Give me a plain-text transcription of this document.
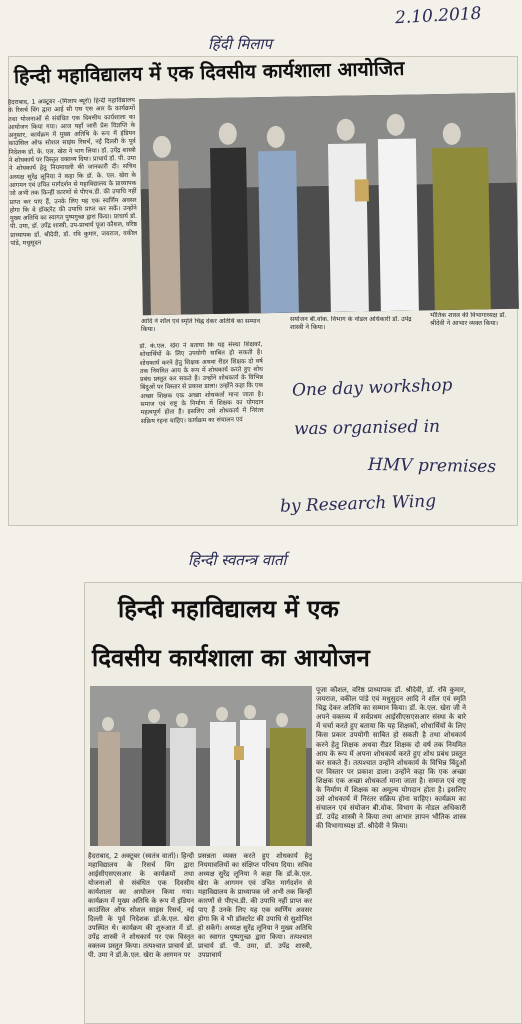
हिंदी मिलाप
2.10.2018
हिन्दी महाविद्यालय में एक दिवसीय कार्यशाला आयोजित
हैदराबाद, 1 अक्टूबर -(मिलाप ब्यूरो) हिन्दी महाविद्यालय के रिसर्च विंग द्वारा आई सी एस एस आर के कार्यक्रमों तथा योजनाओं से संबंधित एक दिवसीय कार्यशाला का आयोजन किया गया। आज यहाँ जारी प्रेस विज्ञप्ति के अनुसार, कार्यक्रम में मुख्य अतिथि के रूप में इंडियन काउंसिल ऑफ सोशल साइंस रिसर्च, नई दिल्ली के पूर्व निदेशक डॉ. के. एल. खेरा ने भाग लिया। डॉ. उपेंद्र शास्त्री ने शोधकार्य पर विस्तृत वक्तव्य दिया। प्राचार्य डॉ. पी. उमा ने शोधकार्य हेतु नियमावली की जानकारी दी। सचिव अध्यक्ष सुरेंद्र लूनिया ने कहा कि डॉ. के. एल. खेरा के आगमन एवं उचित मार्गदर्शन से महाविद्यालय के प्राध्यापक जो अभी तक किन्हीं कारणों से पीएच.डी. की उपाधि नहीं प्राप्त कर पाए हैं, उनके लिए यह एक स्वर्णिम अवसर होगा कि वे डॉक्टरेट की उपाधि प्राप्त कर सकें। उन्होंने मुख्य अतिथि का स्वागत पुष्पगुच्छ द्वारा किया। प्राचार्य डॉ. पी. उमा, डॉ. उपेंद्र शास्त्री, उप-प्राचार्य पूजा कौशल, वरिष्ठ प्राध्यापक डॉ. श्रीदेवी, डॉ. रवि कुमार, जयराज, वकील पांडे, मधुसूदन
आदि ने शॉल एवं स्मृति चिह्न देकर अतिथि का सम्मान किया।
सयोजन बी.वोक. विभाग के नोडल अधिकारी डॉ. उपेंद्र शास्त्री ने किया।
भौतिक शास्त्र की विभागाध्यक्ष डॉ. श्रीदेवी ने आभार व्यक्त किया।
डॉ. के.एल. खेरा ने बताया कि यह संस्था शिक्षकों, शोधार्थियों के लिए उपयोगी साबित हो सकती है। शोधकार्य करने हेतु शिक्षक अथवा रीडर शिक्षक दो वर्ष तक नियमित आय के रूप में शोधकार्य करते हुए शोध प्रबंध प्रस्तुत कर सकते हैं। उन्होंने शोधकार्य के विभिन्न बिंदुओं पर विस्तार से प्रकाश डाला। उन्होंने कहा कि एक अच्छा शिक्षक एक अच्छा शोधकर्ता माना जाता है। समाज एवं राष्ट्र के निर्माण में शिक्षक का योगदान महत्वपूर्ण होता है। इसलिए उसे शोधकार्य में निरंतर सक्रिय रहना चाहिए। कार्यक्रम का संचालन एवं
One day workshop
was organised in
HMV premises
by Research Wing
हिन्दी स्वतन्त्र वार्ता
हिन्दी महाविद्यालय में एक
दिवसीय कार्यशाला का आयोजन
पूजा कौशल, वरिष्ठ प्राध्यापक डॉ. श्रीदेवी, डॉ. रवि कुमार, जयराज, वकील पांडे एवं मधुसुदन आदि ने शॉल एवं स्मृति चिह्न देकर अतिथि का सम्मान किया। डॉ. के.एल. खेरा जी ने अपने वक्तव्य में सर्वप्रथम आईसीएसएसआर संस्था के बारे में चर्चा करते हुए बताया कि यह शिक्षकों, शोधार्थियों के लिए किस प्रकार उपयोगी साबित हो सकती है तथा शोधकार्य करने हेतु शिक्षक अथवा रीडर शिक्षक दो वर्ष तक नियमित आय के रूप में अपना शोधकार्य करते हुए शोध प्रबंध प्रस्तुत कर सकते हैं। तत्पश्चात उन्होंने शोधकार्य के विभिन्न बिंदुओं पर विस्तार पर प्रकाश डाला। उन्होंने कहा कि एक अच्छा शिक्षक एक अच्छा शोधकर्ता माना जाता है। समाज एवं राष्ट्र के निर्माण में शिक्षक का अमूल्य योगदान होता है। इसलिए उसे शोधकार्य में निरंतर सक्रिय होना चाहिए। कार्यक्रम का संचालन एवं संयोजन बी.वोक. विभाग के नोडल अधिकारी डॉ. उपेंद्र शास्त्री ने किया तथा आभार ज्ञापन भौतिक शास्त्र की विभागाध्यक्ष डॉ. श्रीदेवी ने किया।
हैदराबाद, 2 अक्टूबर (स्वतंत्र वार्ता)। हिन्दी महाविद्यालय के रिसर्च विंग द्वारा आईसीएसएसआर के कार्यक्रमों तथा योजनाओं से संबंधित एक दिवसीय कार्यशाला का आयोजन किया गया। कार्यक्रम में मुख्य अतिथि के रूप में इंडियन काउंसिल ऑफ सोशल साइंस रिसर्च, नई दिल्ली के पूर्व निदेशक डॉ.के.एल. खेरा उपस्थित थे। कार्यक्रम की शुरुआत में डॉ. उपेंद्र शास्त्री ने शोधकार्य पर एक विस्तृत वक्तव्य प्रस्तुत किया। तत्पश्चात प्राचार्य डॉ. पी. उमा ने डॉ.के.एल. खेरा के आगमन पर
प्रसन्नता व्यक्त करते हुए शोधकार्य हेतु नियमावलियों का संक्षिप्त परिचय दिया। सचिव अध्यक्ष सुरेंद्र लूनिया ने कहा कि डॉ.के.एल. खेरा के आगमन एवं उचित मार्गदर्शन से महाविद्यालय के प्राध्यापक जो अभी तक किन्हीं कारणों से पीएच.डी. की उपाधि नहीं प्राप्त कर पाए हैं उनके लिए यह एक स्वर्णिम अवसर होगा कि वे भी डॉक्टरेट की उपाधि से सुशोभित हो सकेंगे। अध्यक्ष सुरेंद्र लूनिया ने मुख्य अतिथि का स्वागत पुष्पगुच्छ द्वारा किया। तत्पश्चात प्राचार्य डॉ. पी. उमा, डॉ. उपेंद्र शास्त्री, उपप्राचार्य
